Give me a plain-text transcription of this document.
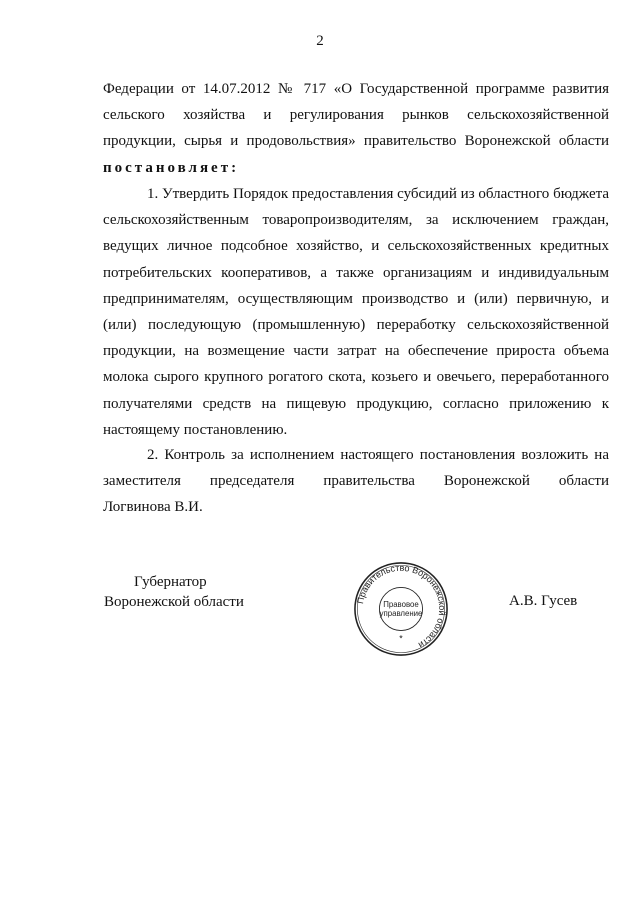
2
Федерации от 14.07.2012 № 717 «О Государственной программе развития
сельского хозяйства и регулирования рынков сельскохозяйственной
продукции, сырья и продовольствия» правительство Воронежской области
постановляет:
1. Утвердить Порядок предоставления субсидий из областного бюджета
сельскохозяйственным товаропроизводителям, за исключением граждан,
ведущих личное подсобное хозяйство, и сельскохозяйственных кредитных
потребительских кооперативов, а также организациям и индивидуальным
предпринимателям, осуществляющим производство и (или) первичную, и
(или) последующую (промышленную) переработку сельскохозяйственной
продукции, на возмещение части затрат на обеспечение прироста объема
молока сырого крупного рогатого скота, козьего и овечьего, переработанного
получателями средств на пищевую продукцию, согласно приложению к
настоящему постановлению.
2. Контроль за исполнением настоящего постановления возложить на
заместителя председателя правительства Воронежской области
Логвинова В.И.
Губернатор
Воронежской области	Правительство Воронежской области
Правовое
управление
*
А.В. Гусев
